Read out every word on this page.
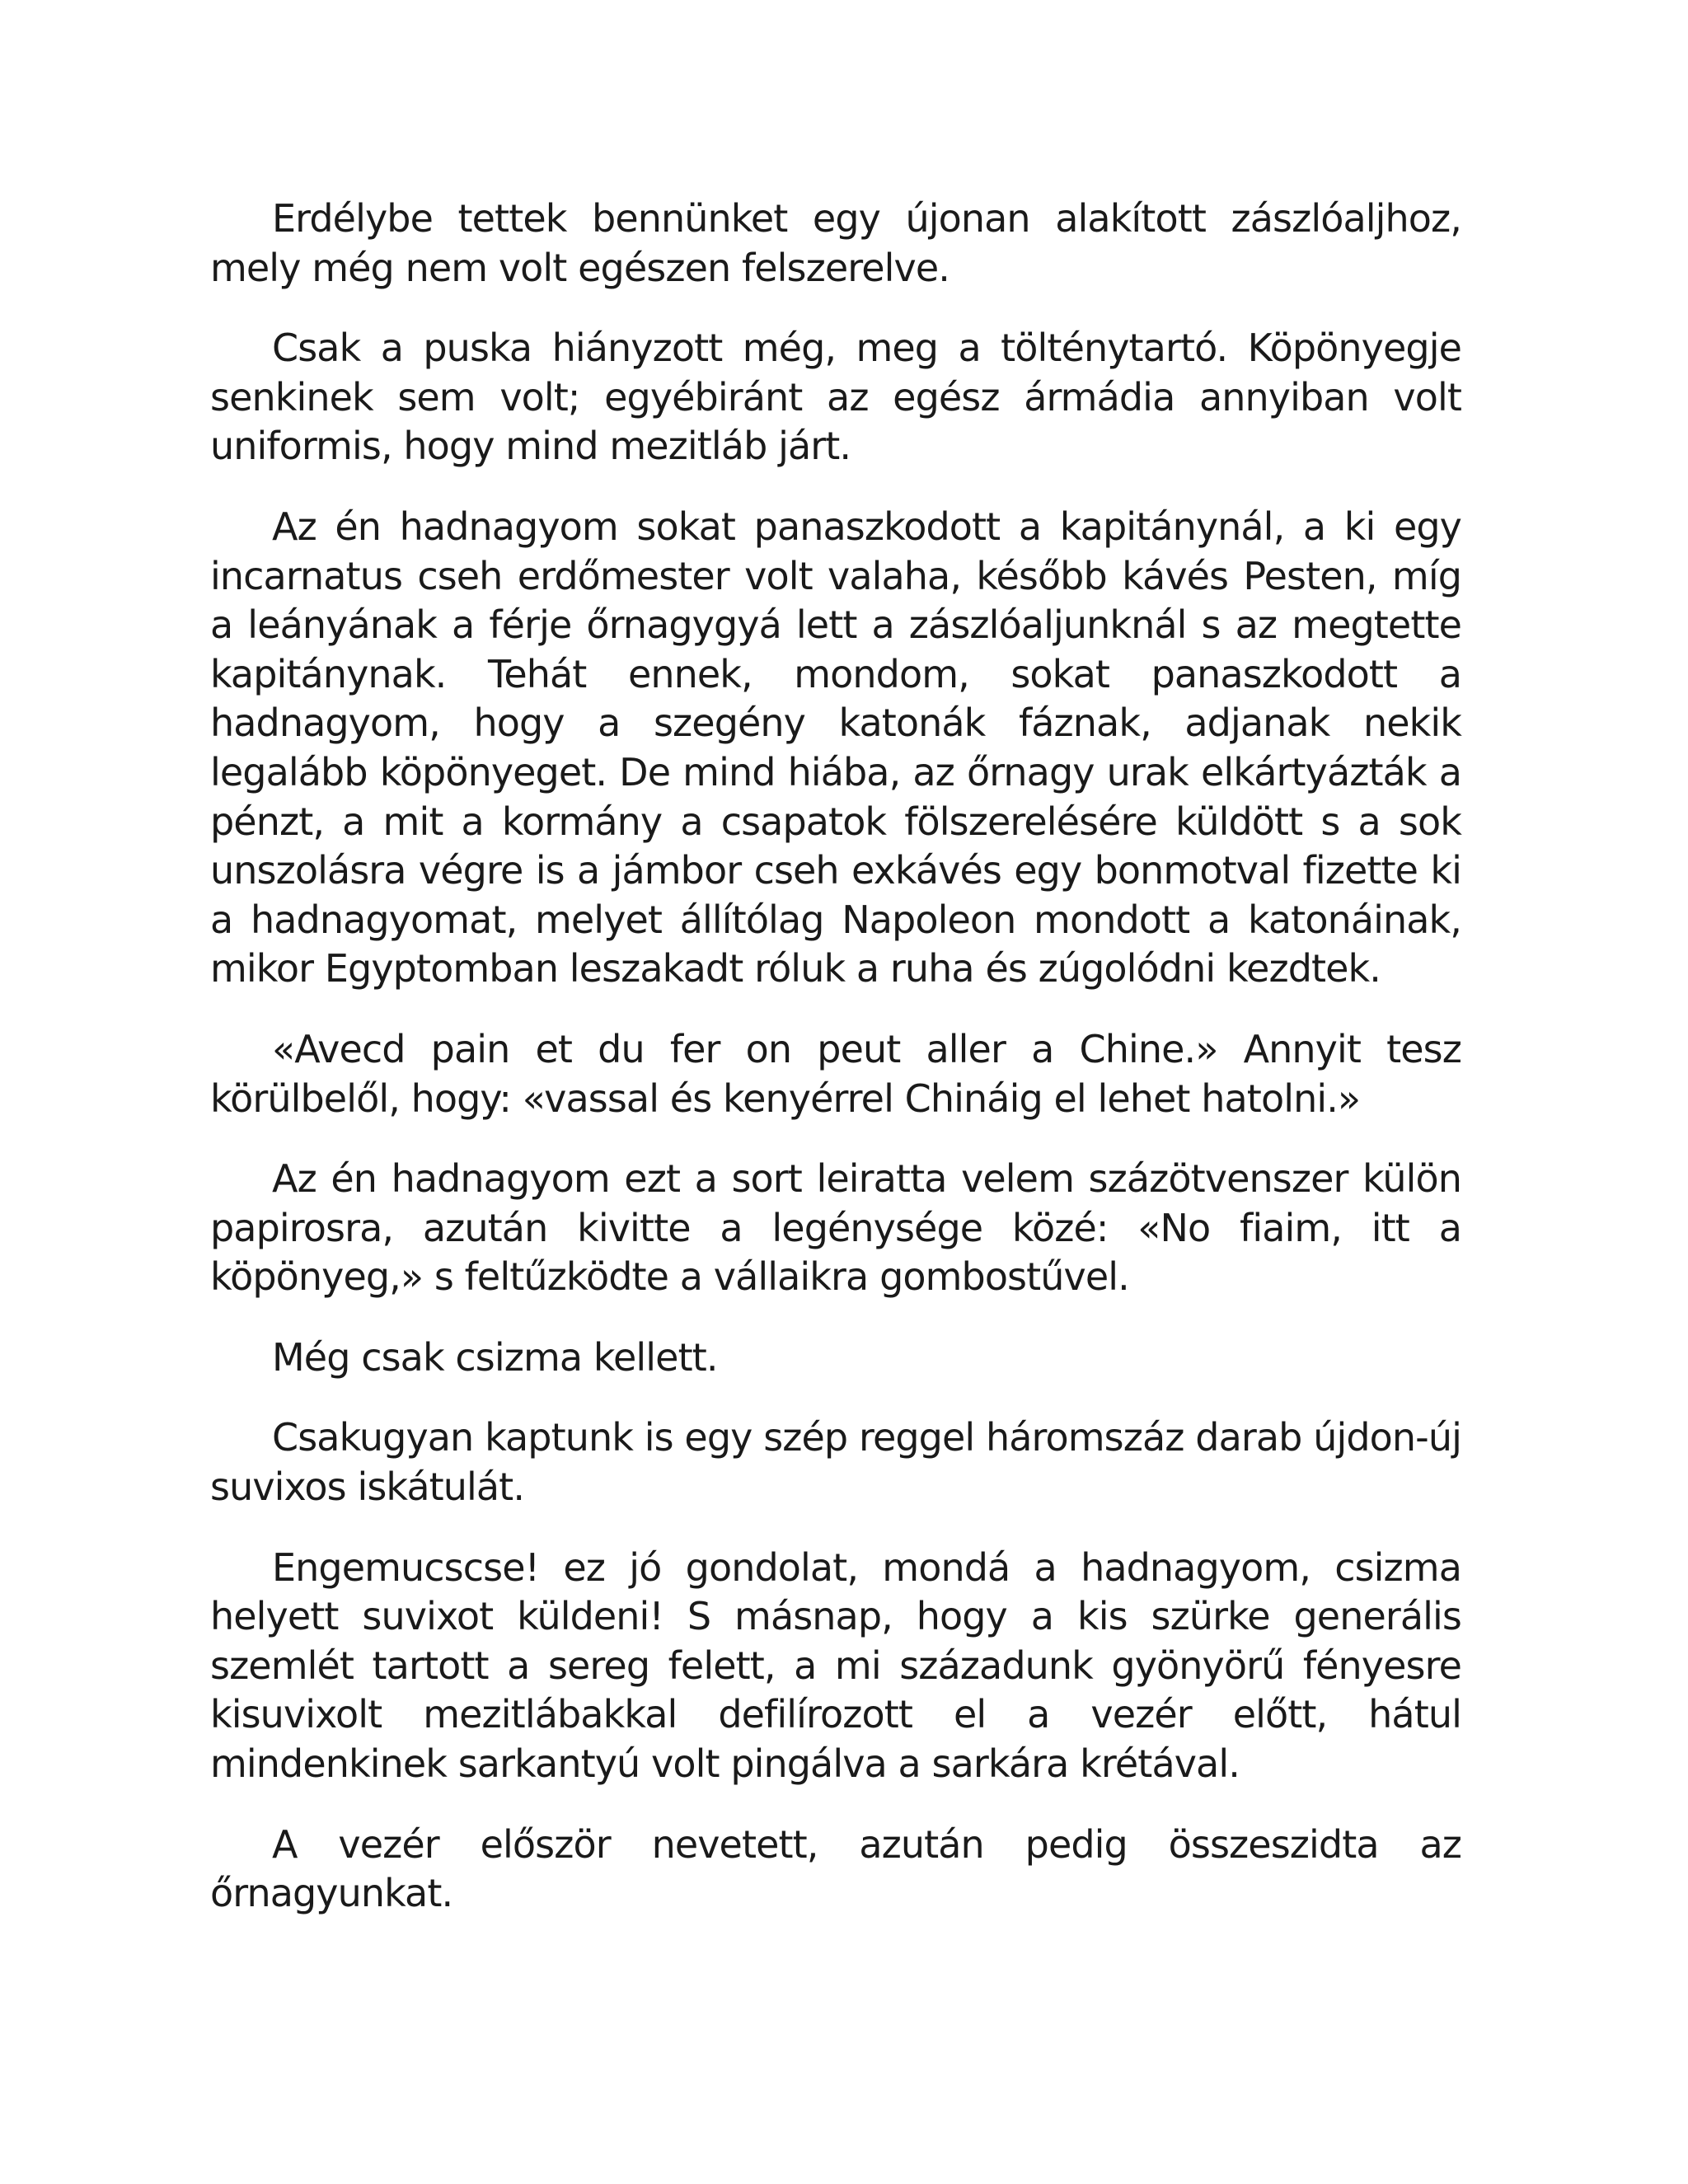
Erdélybe tettek bennünket egy újonan alakított zászlóaljhoz, mely még nem volt egészen felszerelve.

Csak a puska hiányzott még, meg a tölténytartó. Köpönyegje senkinek sem volt; egyébiránt az egész ármádia annyiban volt uniformis, hogy mind mezitláb járt.

Az én hadnagyom sokat panaszkodott a kapitánynál, a ki egy incarnatus cseh erdőmester volt valaha, később kávés Pesten, míg a leányának a férje őrnagygyá lett a zászlóaljunknál s az megtette kapitánynak. Tehát ennek, mondom, sokat panaszkodott a hadnagyom, hogy a szegény katonák fáznak, adjanak nekik legalább köpönyeget. De mind hiába, az őrnagy urak elkártyázták a pénzt, a mit a kormány a csapatok fölszerelésére küldött s a sok unszolásra végre is a jámbor cseh exkávés egy bonmotval fizette ki a hadnagyomat, melyet állítólag Napoleon mondott a katonáinak, mikor Egyptomban leszakadt róluk a ruha és zúgolódni kezdtek.

«Avecd pain et du fer on peut aller a Chine.» Annyit tesz körülbelől, hogy: «vassal és kenyérrel Chináig el lehet hatolni.»

Az én hadnagyom ezt a sort leiratta velem százötvenszer külön papirosra, azután kivitte a legénysége közé: «No fiaim, itt a köpönyeg,» s feltűzködte a vállaikra gombostűvel.

Még csak csizma kellett.

Csakugyan kaptunk is egy szép reggel háromszáz darab újdon-új suvixos iskátulát.

Engemucscse! ez jó gondolat, mondá a hadnagyom, csizma helyett suvixot küldeni! S másnap, hogy a kis szürke generális szemlét tartott a sereg felett, a mi századunk gyönyörű fényesre kisuvixolt mezitlábakkal defilírozott el a vezér előtt, hátul mindenkinek sarkantyú volt pingálva a sarkára krétával.

A vezér először nevetett, azután pedig összeszidta az őrnagyunkat.
